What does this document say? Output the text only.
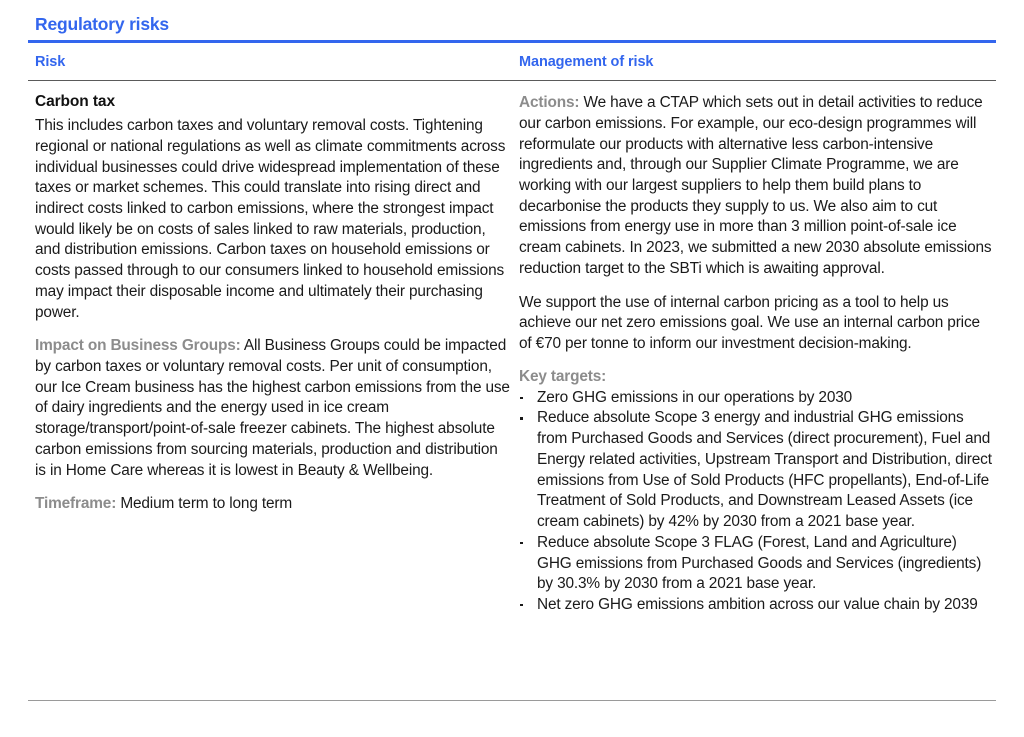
Regulatory risks
Risk	Management of risk
Carbon tax

This includes carbon taxes and voluntary removal costs. Tightening regional or national regulations as well as climate commitments across individual businesses could drive widespread implementation of these taxes or market schemes. This could translate into rising direct and indirect costs linked to carbon emissions, where the strongest impact would likely be on costs of sales linked to raw materials, production, and distribution emissions. Carbon taxes on household emissions or costs passed through to our consumers linked to household emissions may impact their disposable income and ultimately their purchasing power.

Impact on Business Groups: All Business Groups could be impacted by carbon taxes or voluntary removal costs. Per unit of consumption, our Ice Cream business has the highest carbon emissions from the use of dairy ingredients and the energy used in ice cream storage/transport/point-of-sale freezer cabinets. The highest absolute carbon emissions from sourcing materials, production and distribution is in Home Care whereas it is lowest in Beauty & Wellbeing.

Timeframe: Medium term to long term

Actions: We have a CTAP which sets out in detail activities to reduce our carbon emissions. For example, our eco-design programmes will reformulate our products with alternative less carbon-intensive ingredients and, through our Supplier Climate Programme, we are working with our largest suppliers to help them build plans to decarbonise the products they supply to us. We also aim to cut emissions from energy use in more than 3 million point-of-sale ice cream cabinets. In 2023, we submitted a new 2030 absolute emissions reduction target to the SBTi which is awaiting approval.

We support the use of internal carbon pricing as a tool to help us achieve our net zero emissions goal. We use an internal carbon price of €70 per tonne to inform our investment decision-making.

Key targets:
Zero GHG emissions in our operations by 2030
Reduce absolute Scope 3 energy and industrial GHG emissions from Purchased Goods and Services (direct procurement), Fuel and Energy related activities, Upstream Transport and Distribution, direct emissions from Use of Sold Products (HFC propellants), End-of-Life Treatment of Sold Products, and Downstream Leased Assets (ice cream cabinets) by 42% by 2030 from a 2021 base year.
Reduce absolute Scope 3 FLAG (Forest, Land and Agriculture) GHG emissions from Purchased Goods and Services (ingredients) by 30.3% by 2030 from a 2021 base year.
Net zero GHG emissions ambition across our value chain by 2039
